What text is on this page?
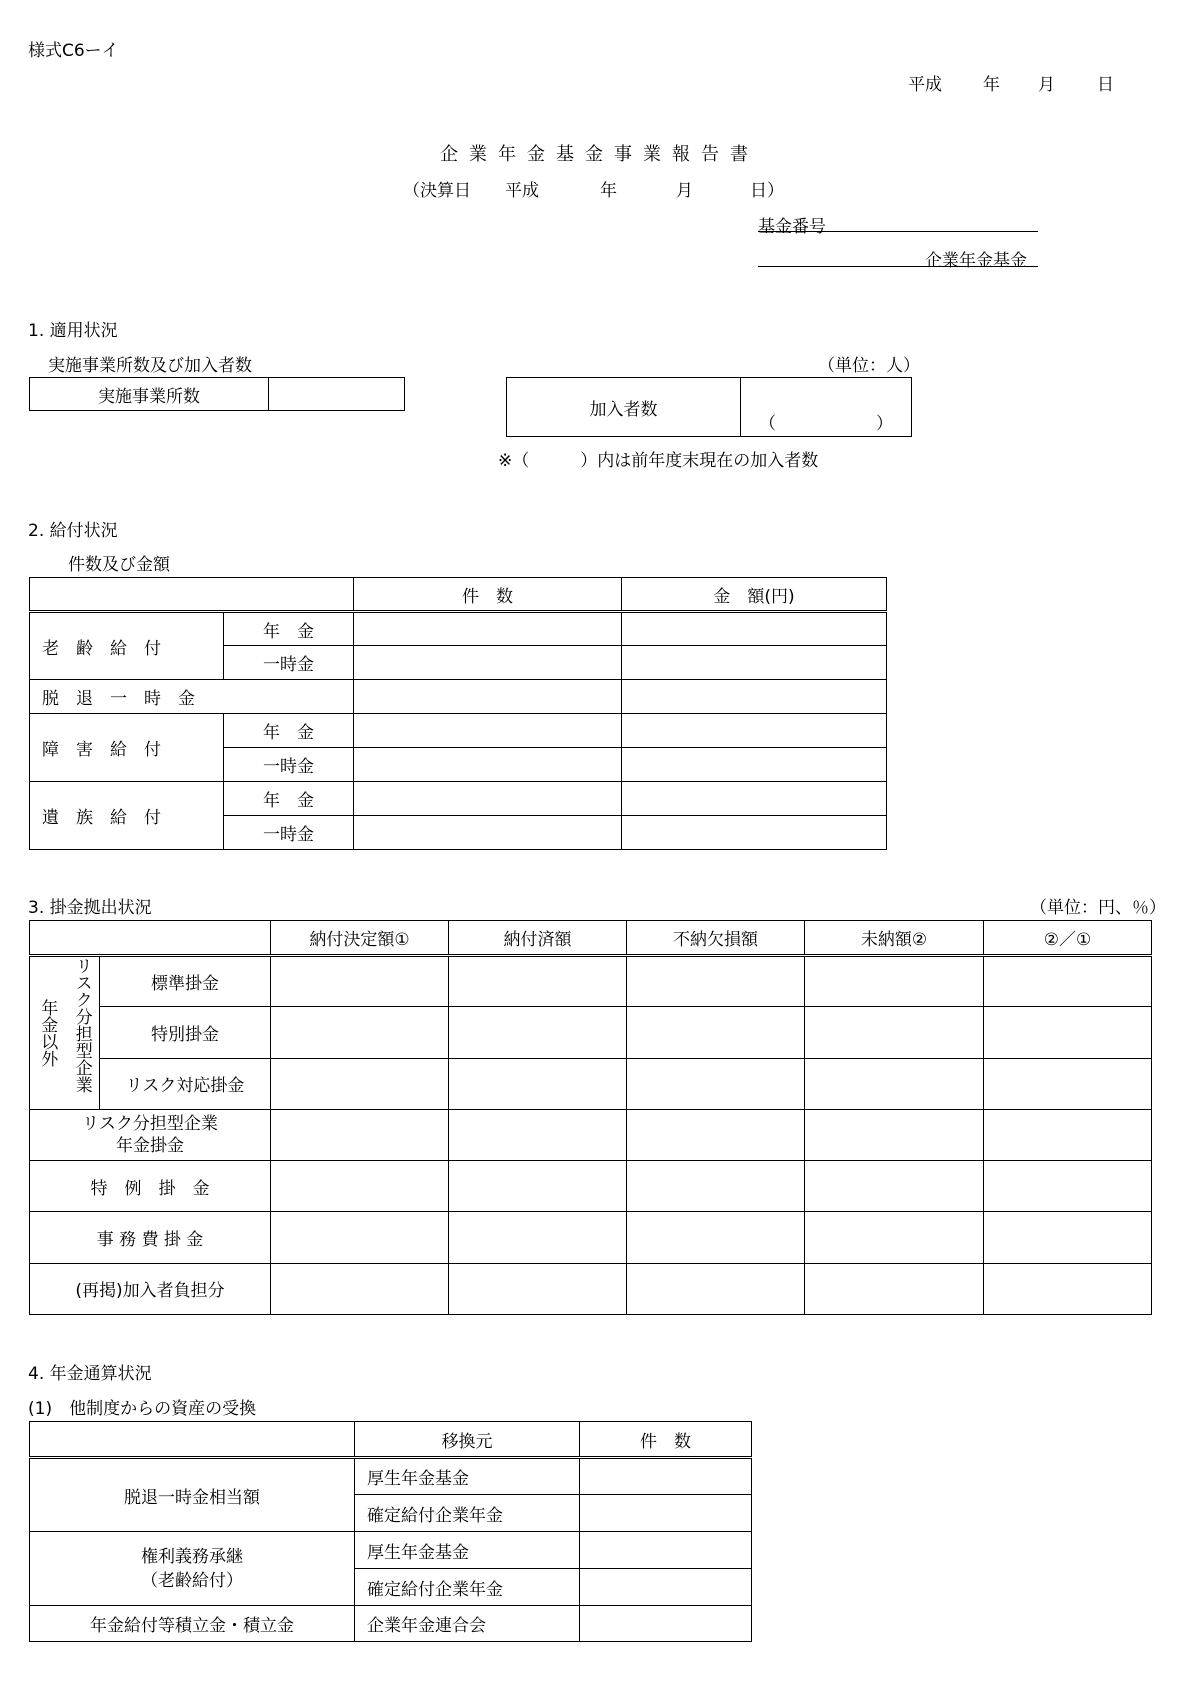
様式C6ーイ
平成 年 月 日
企業年金基金事業報告書
（決算日 平成	年	月	日）
基金番号
企業年金基金
1. 適用状況
実施事業所数及び加入者数	（単位：人）
実施事業所数	
加入者数	
（	）
※（　　　）内は前年度末現在の加入者数
2. 給付状況
件数及び金額
		件　数	金　額(円)
老　齢　給　付	年　金		
	一時金		
脱　退　一　時　金			
障　害　給　付	年　金		
	一時金		
遺　族　給　付	年　金		
	一時金		
3. 掛金拠出状況	（単位：円、％）
			納付決定額①	納付済額	不納欠損額	未納額②	②／①

年金以外	リスク分担型企業	標準掛金					
		特別掛金					
		リスク対応掛金					

リスク分担型企業
年金掛金							

特　例　掛　金							
事 務 費 掛 金							
(再掲)加入者負担分							
4. 年金通算状況
(1)　他制度からの資産の受換
	移換元	件　数
脱退一時金相当額	厚生年金基金	
	確定給付企業年金	

権利義務承継
（老齢給付）	厚生年金基金	
	確定給付企業年金	
年金給付等積立金・積立金	企業年金連合会	
